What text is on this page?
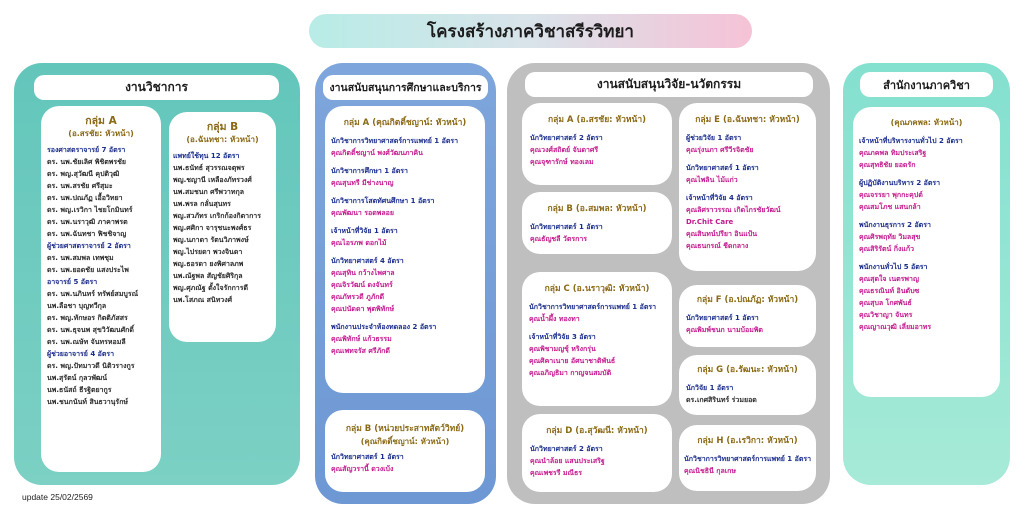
โครงสร้างภาควิชาสรีรวิทยา
งานวิชาการ
กลุ่ม A
(อ.สรชัย: หัวหน้า)
รองศาสตราจารย์ 7 อัตรา
ดร. นพ.ชัยเลิศ พิชิตพรชัย
ดร. พญ.สุวัฒนี คุปติวุฒิ
ดร. นพ.สรชัย ศรีสุมะ
ดร. นพ.ปณภัฏ เอื้อวิทยา
ดร. พญ.เรวิกา ไชยโกมินทร์
ดร. นพ.นราวุฒิ ภาคาพรต
ดร. นพ.ฉันทชา ฟิชชิจาญ
ผู้ช่วยศาสตราจารย์ 2 อัตรา
ดร. นพ.สมพล เทพชุม
ดร. นพ.ยอดชัย แสงประไพ
อาจารย์ 5 อัตรา
ดร. นพ.นภินทร์ ทรัพย์สมบูรณ์
นพ.ลือชา บุญทวีกุล
ดร. พญ.ทักษอร กิตติภัสสร
ดร. นพ.ธุจนพ สุขวิวัฒนศักดิ์
ดร. นพ.ณษัท จันทรหอมลี
ผู้ช่วยอาจารย์ 4 อัตรา
ดร. พญ.ปัทมาวดี นิติวรางกูร
นพ.สุรัตน์ กุลวพัฒน์
นพ.ธนัสถ์ ธีรฐิตยากูร
นพ.ชนกนันท์ สินธวานุรักษ์
กลุ่ม B
(อ.ฉันทชา: หัวหน้า)
แพทย์ใช้ทุน 12 อัตรา
นพ.ธนัทธ์ สุวรรณจตุพร
พญ.ชญานี เหลืองภัทรวงศ์
นพ.สมชนก ศรีพวาทกุล
นพ.พรล กลั่นสุนทร
พญ.สวภัทร เกริกก้องกิตาการ
พญ.ศศิกา จารุชนะพงศ์ธร
พญ.นภาดา รัตนวิภาพงษ์
พญ.ไปรยดา พวงจินดา
พญ.ธอรดา ยงพิศาลภพ
นพ.ณัฐพล สัญชัยศิริกุล
พญ.ศุภณัฐ ตั้งใจรักการดี
นพ.โสภณ สนิทวงศ์
งานสนับสนุนการศึกษาและบริการ
กลุ่ม A (คุณกิตติ์ชญาน์: หัวหน้า)
นักวิชาการวิทยาศาสตร์การแพทย์ 1 อัตรา
คุณกิตติ์ชญาน์ พงศ์วัฒนภาคิน
นักวิชาการศึกษา 1 อัตรา
คุณสุนทรี มีช่างนาญ
นักวิชาการโสตทัศนศึกษา 1 อัตรา
คุณพัฒนา รอดพลอย
เจ้าหน้าที่วิจัย 1 อัตรา
คุณไอรภพ ดอกไม้
นักวิทยาศาสตร์ 4 อัตรา
คุณสุทิน กว้างไพศาล
คุณจิรวัฒน์ ดงจันทร์
คุณภัทรวดี ภูภักดี
คุณปนัดดา พุตพิทักษ์
พนักงานประจำห้องทดลอง 2 อัตรา
คุณพิทักษ์ แก้วธรรม
คุณเพทจรัส ศรีภักดี
กลุ่ม B (หน่วยประสาทสัตว์วิทย์)
(คุณกิตติ์ชญาน์: หัวหน้า)
นักวิทยาศาสตร์ 1 อัตรา
คุณสัญวรานี้ ดวงเบ้ง
งานสนับสนุนวิจัย-นวัตกรรม
กลุ่ม A (อ.สรชัย: หัวหน้า)
นักวิทยาศาสตร์ 2 อัตรา
คุณวงศ์สถิตย์ จันดาศรี
คุณจุฑารักษ์ ทองเลม
กลุ่ม B (อ.สมพล: หัวหน้า)
นักวิทยาศาสตร์ 1 อัตรา
คุณธัญชลี วัตรการ
กลุ่ม C (อ.นราวุฒิ: หัวหน้า)
นักวิชาการวิทยาศาสตร์การแพทย์ 1 อัตรา
คุณน้ำผึ้ง ทองทา
เจ้าหน้าที่วิจัย 3 อัตรา
คุณพิชามญช์ุ หริงกรุ่น
คุณศิคาเนาย อัศนาชาติพันธ์
คุณอภิญธิมา กาญจนสมบัติ
กลุ่ม D (อ.สุวัฒนี: หัวหน้า)
นักวิทยาศาสตร์ 2 อัตรา
คุณนำล้อย แสนประเสริฐ
คุณเพชรรี มณีธร
กลุ่ม E (อ.ฉันทชา: หัวหน้า)
ผู้ช่วยวิจัย 1 อัตรา
คุณรุ่งนภา ศรีวีรจิตชัย
นักวิทยาศาสตร์ 1 อัตรา
คุณไพลิน ไม้แก่ว
เจ้าหน้าที่วิจัย 4 อัตรา
คุณลิศราวรรณ เกิดไกรชัยวัฒน์
Dr.Chit Care
คุณสินทน์ปรียา อินแป้น
คุณธนกรณ์ ชีดกลาง
กลุ่ม F (อ.ปณภัฏ: หัวหน้า)
นักวิทยาศาสตร์ 1 อัตรา
คุณพิมพ์ชนก นามบ้อมพิต
กลุ่ม G (อ.รัฒนะ: หัวหน้า)
นักวิจัย 1 อัตรา
ดร.เกศสิรินทร์ ร่วมยอด
กลุ่ม H (อ.เรวิกา: หัวหน้า)
นักวิชาการวิทยาศาสตร์การแพทย์ 1 อัตรา
คุณนิชธินี กุลเกษ
สำนักงานภาควิชา
(คุณภคพล: หัวหน้า)
เจ้าหน้าที่บริหารงานทั่วไป 2 อัตรา
คุณภคพล ทิมประเสริฐ
คุณสุทธิชัย ยอดรัก
ผู้ปฏิบัติงานบริหาร 2 อัตรา
คุณจรรยา พุกกะคุปต์
คุณสมโภช แสนกล้า
พนักงานธุรการ 2 อัตรา
คุณศิรพฤทัย วิมลสุข
คุณสิริรัตน์ กิ่งแก้ว
พนักงานทั่วไป 5 อัตรา
คุณสุดใจ เนตรพาญ
คุณธรณินท์ อินตับซ
คุณสุบล โกศพันธ์
คุณวิชาญา จันทร
คุณญาณวุฒิ เลี่ยมอาทร
update 25/02/2569
